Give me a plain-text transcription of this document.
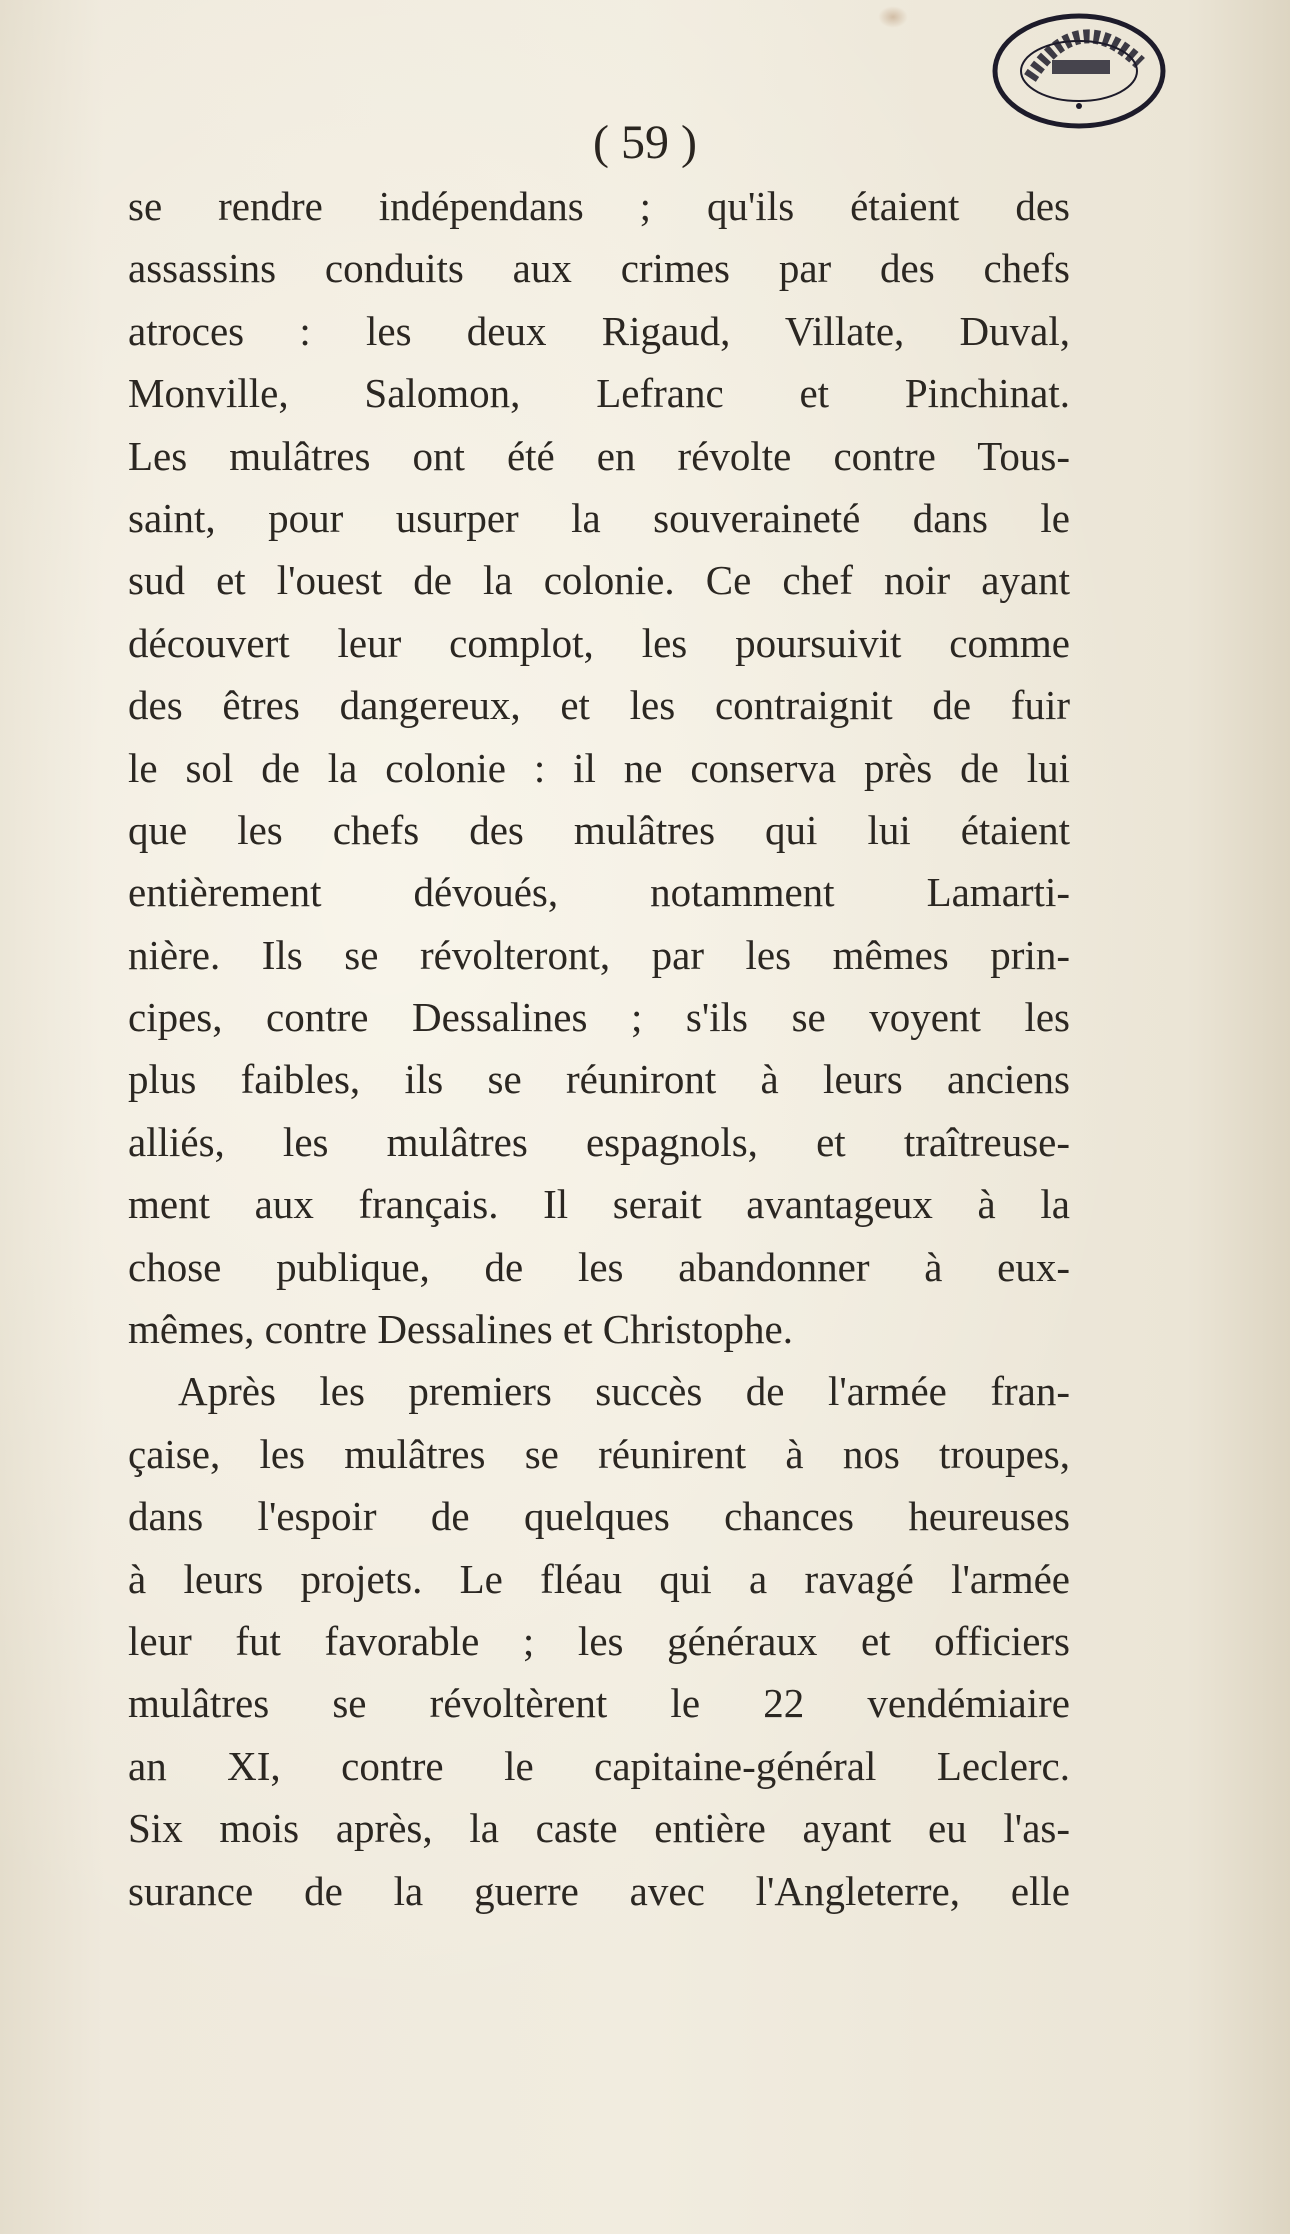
( 59 )
se rendre indépendans ; qu'ils étaient des
assassins conduits aux crimes par des chefs
atroces : les deux Rigaud, Villate, Duval,
Monville, Salomon, Lefranc et Pinchinat.
Les mulâtres ont été en révolte contre Tous-
saint, pour usurper la souveraineté dans le
sud et l'ouest de la colonie. Ce chef noir ayant
découvert leur complot, les poursuivit comme
des êtres dangereux, et les contraignit de fuir
le sol de la colonie : il ne conserva près de lui
que les chefs des mulâtres qui lui étaient
entièrement dévoués, notamment Lamarti-
nière. Ils se révolteront, par les mêmes prin-
cipes, contre Dessalines ; s'ils se voyent les
plus faibles, ils se réuniront à leurs anciens
alliés, les mulâtres espagnols, et traîtreuse-
ment aux français. Il serait avantageux à la
chose publique, de les abandonner à eux-
mêmes, contre Dessalines et Christophe.
Après les premiers succès de l'armée fran-
çaise, les mulâtres se réunirent à nos troupes,
dans l'espoir de quelques chances heureuses
à leurs projets. Le fléau qui a ravagé l'armée
leur fut favorable ; les généraux et officiers
mulâtres se révoltèrent le 22 vendémiaire
an XI, contre le capitaine-général Leclerc.
Six mois après, la caste entière ayant eu l'as-
surance de la guerre avec l'Angleterre, elle
